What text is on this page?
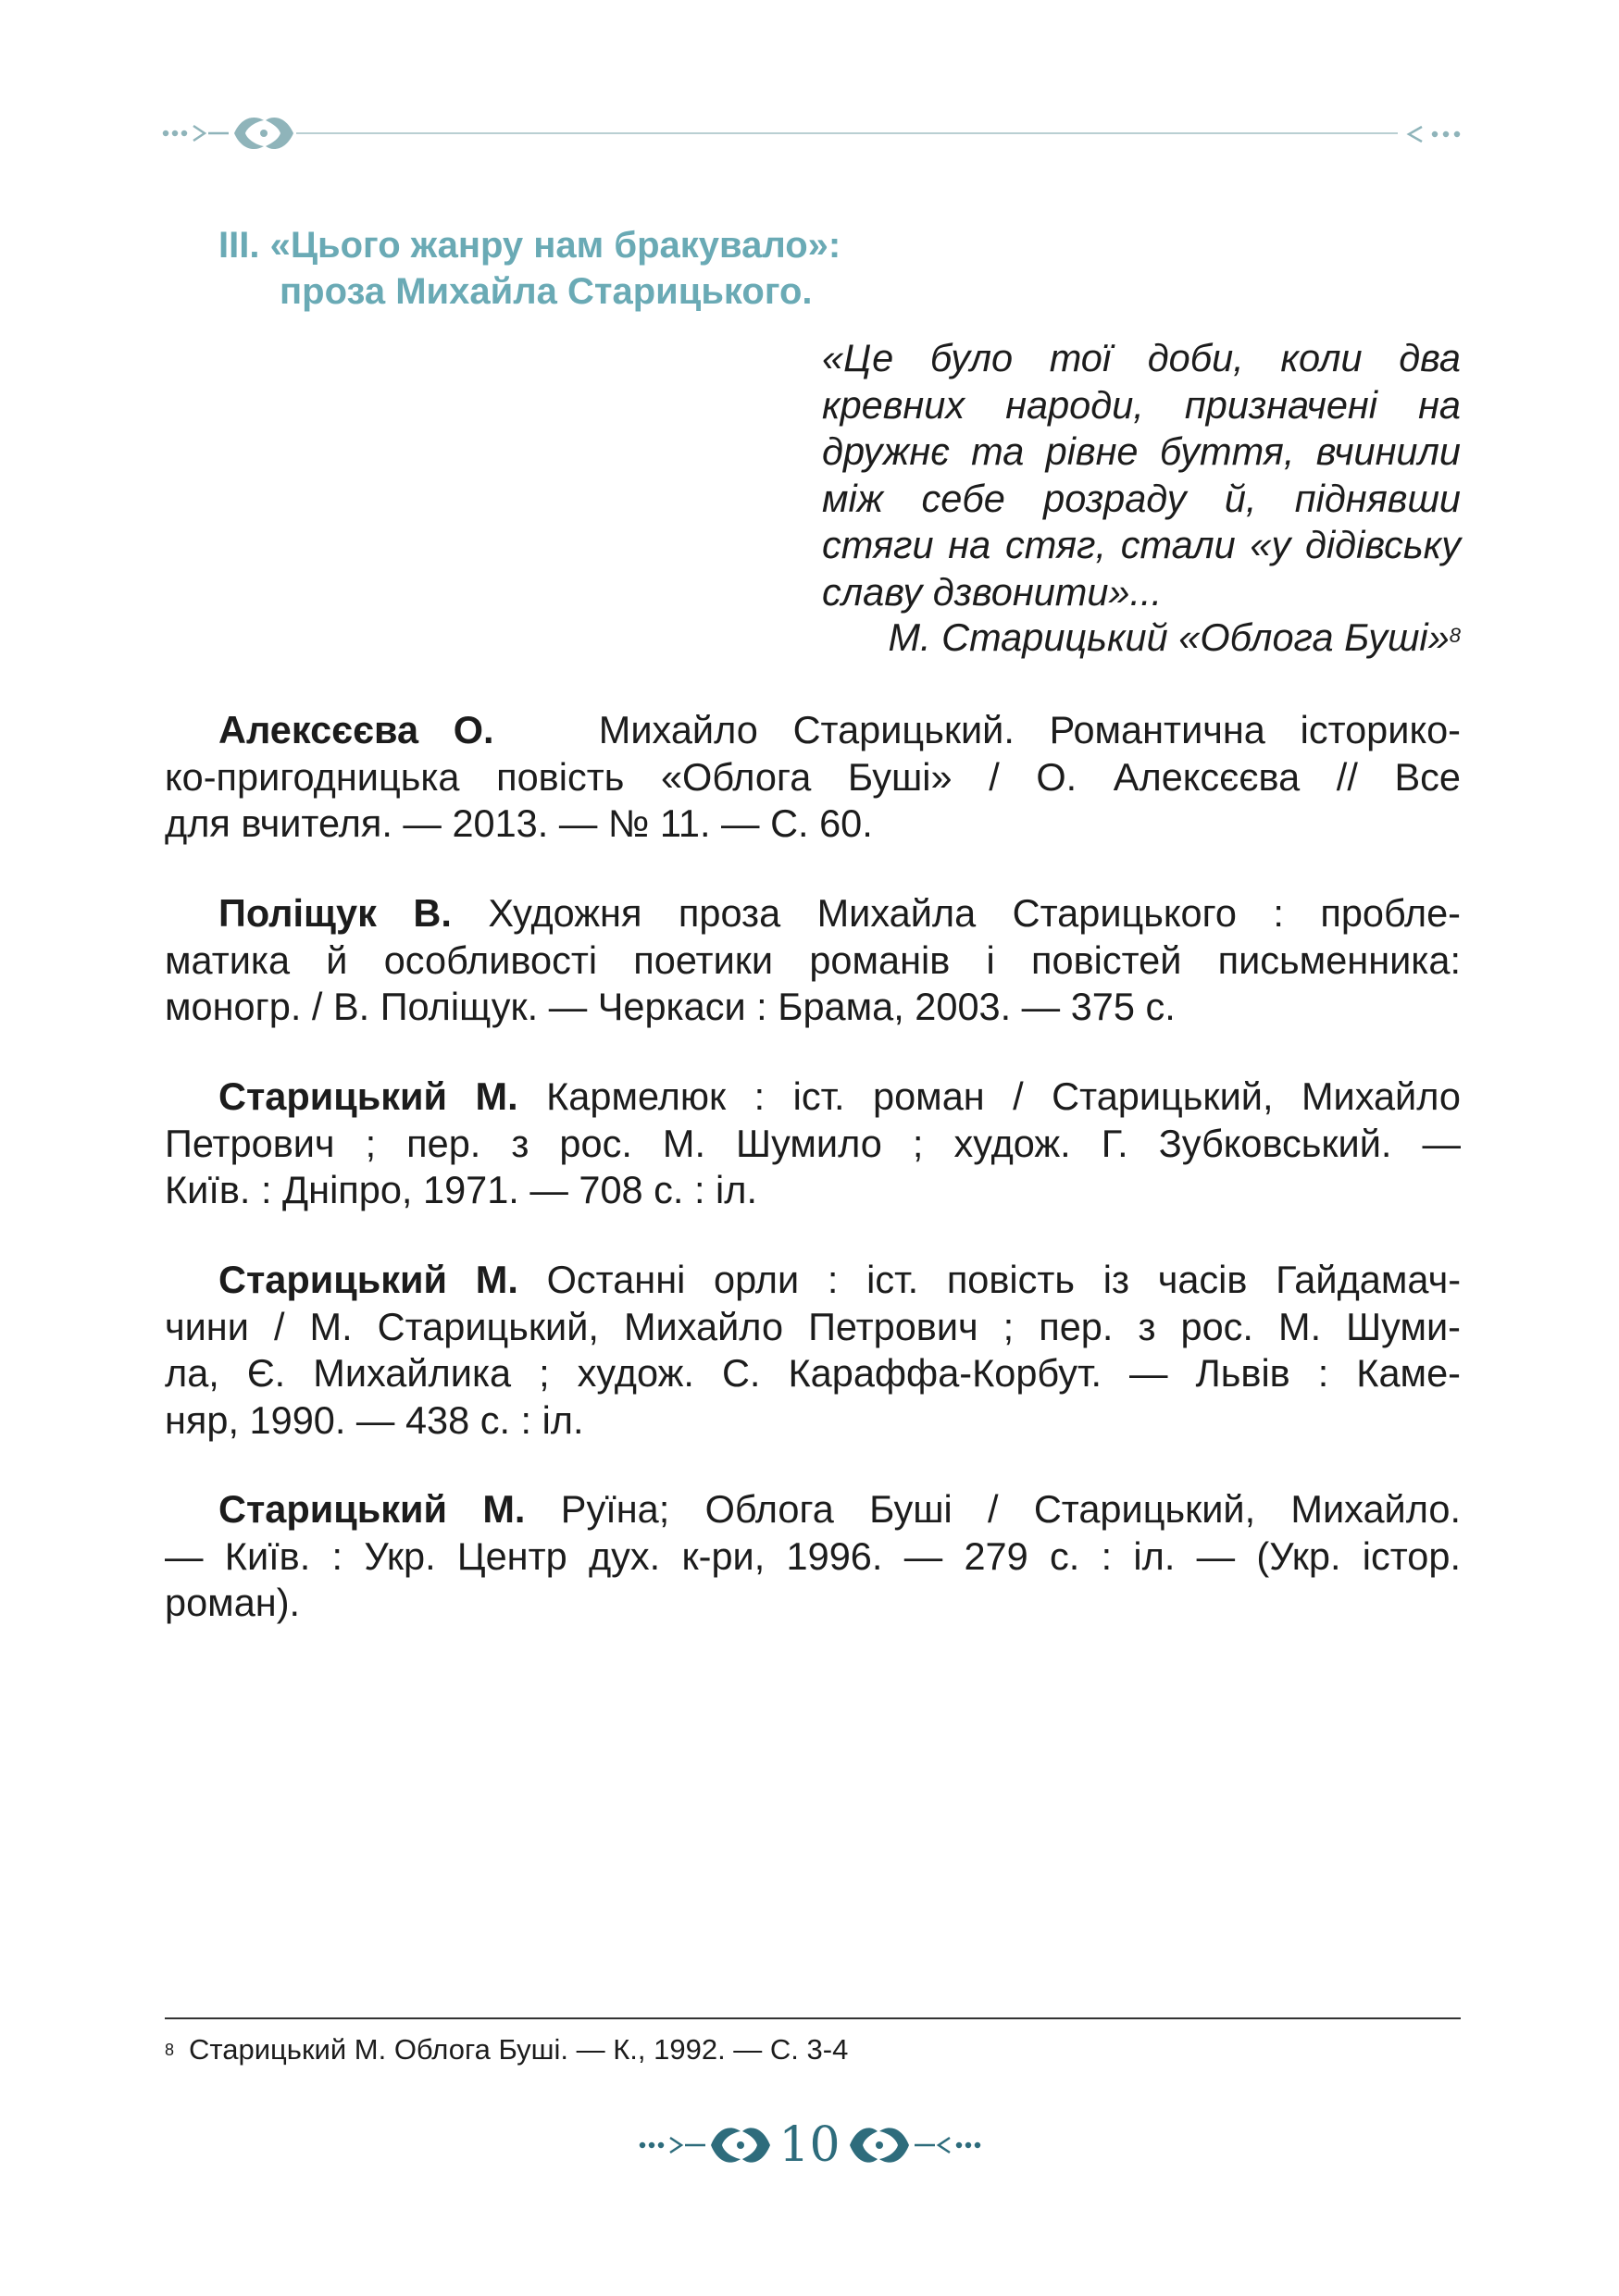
ІІІ. «Цього жанру нам бракувало»:
проза Михайла Старицького.

«Це було тої доби, коли два

кревних народи, призначені на

дружнє та рівне буття, вчинили

між себе розраду й, піднявши

стяги на стяг, стали «у дідівську

славу дзвонити»...

М. Старицький «Облога Буші»$^8$
Алексєєва О.	Михайло Старицький. Романтична історико-
ко-пригодницька повість «Облога Буші» / О. Алексєєва // Все
для вчителя. — 2013. — № 11. — С. 60.
Поліщук В. Художня проза Михайла Старицького : пробле-
матика й особливості поетики романів і повістей письменника:
моногр. / В. Поліщук. — Черкаси : Брама, 2003. — 375 с.
Старицький М. Кармелюк : іст. роман / Старицький, Михайло
Петрович ; пер. з рос. М. Шумило ; худож. Г. Зубковський. —
Київ. : Дніпро, 1971. — 708 с. : іл.
Старицький М. Останні орли : іст. повість із часів Гайдамач-
чини / М. Старицький, Михайло Петрович ; пер. з рос. М. Шуми-
ла, Є. Михайлика ; худож. С. Караффа-Корбут. — Львів : Каме-
няр, 1990. — 438 с. : іл.
Старицький М. Руїна; Облога Буші / Старицький, Михайло.
— Київ. : Укр. Центр дух. к-ри, 1996. — 279 с. : іл. — (Укр. істор.
роман).
$^8$ Старицький М. Облога Буші. — К., 1992. — С. 3-4
10
